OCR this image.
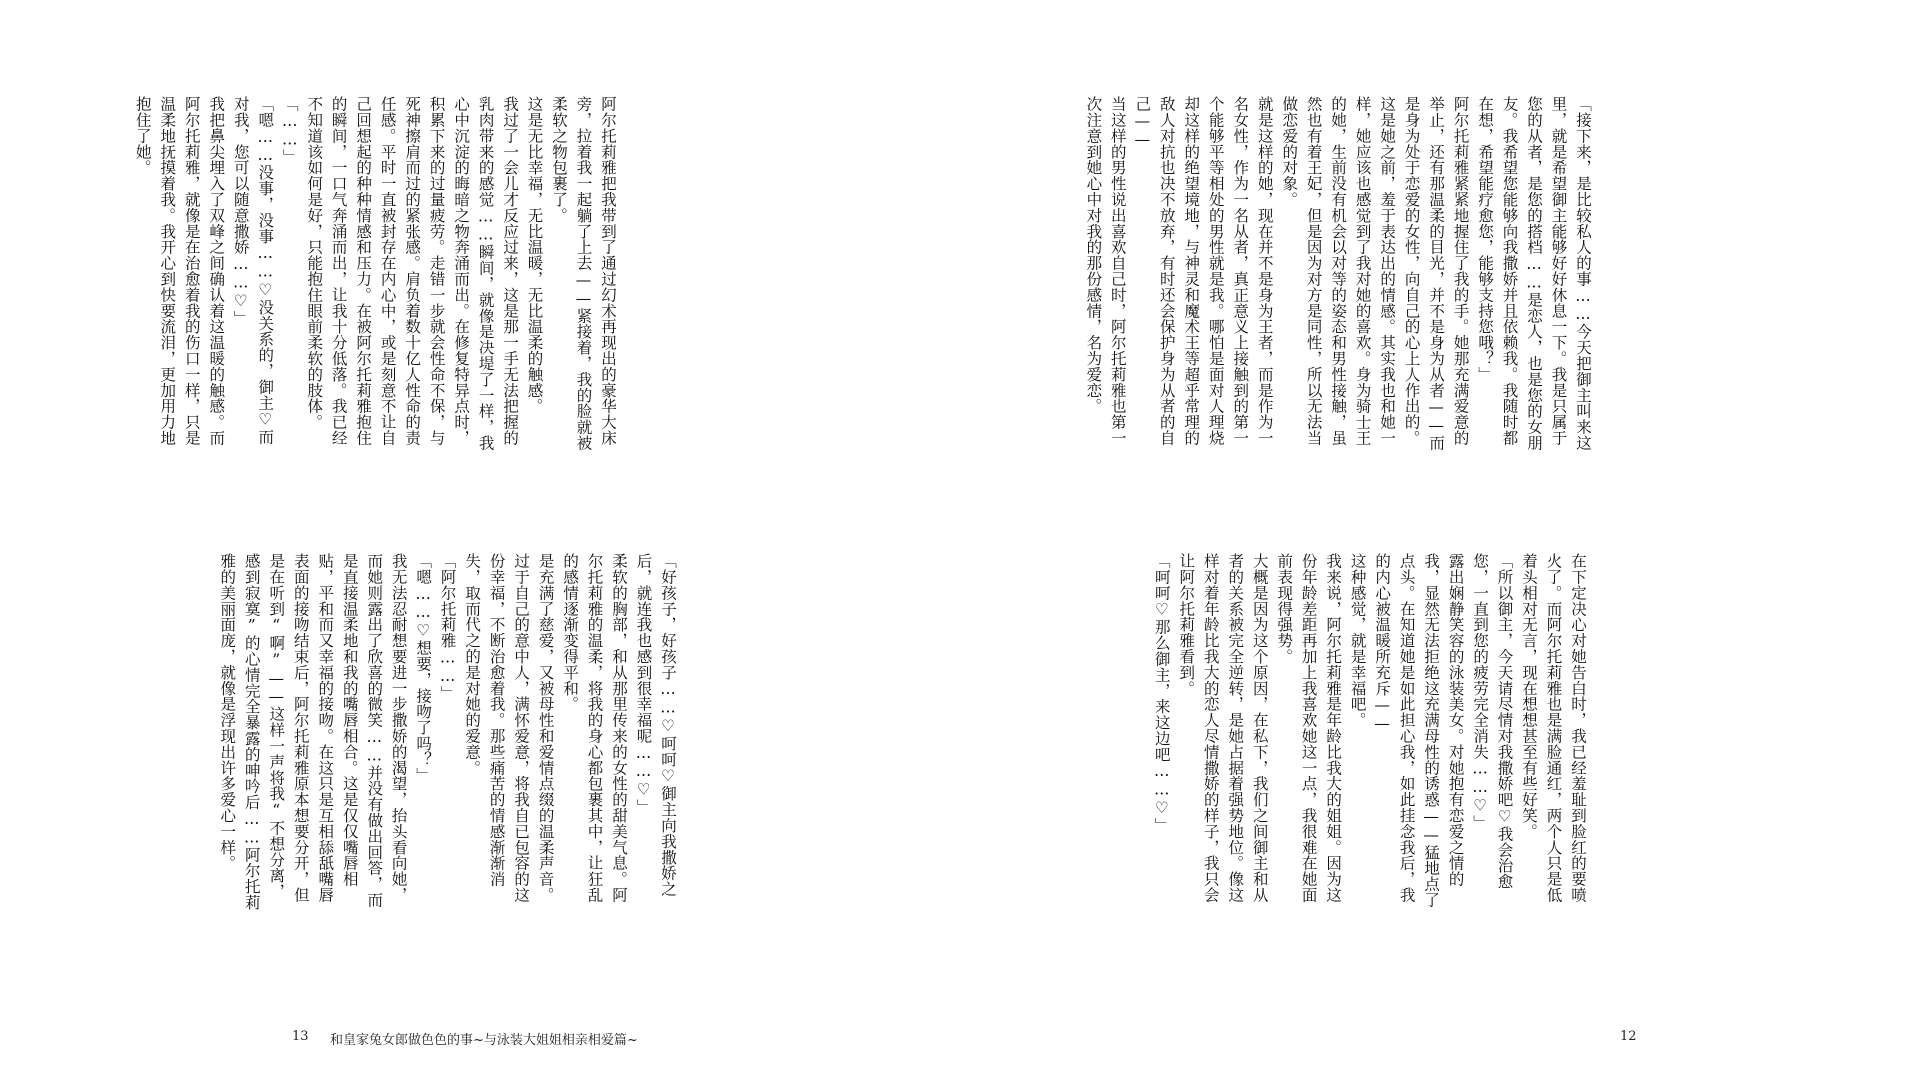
阿尔托莉雅把我带到了通过幻术再现出的豪华大床旁，拉着我一起躺了上去——紧接着，我的脸就被柔软之物包裹了。

这是无比幸福，无比温暖，无比温柔的触感。

我过了一会儿才反应过来，这是那一手无法把握的乳肉带来的感觉……瞬间，就像是决堤了一样，我心中沉淀的晦暗之物奔涌而出。在修复特异点时，积累下来的过量疲劳。走错一步就会性命不保，与死神擦肩而过的紧张感。肩负着数十亿人性命的责任感。平时一直被封存在内心中，或是刻意不让自己回想起的种种情感和压力。在被阿尔托莉雅抱住的瞬间，一口气奔涌而出，让我十分低落。我已经不知道该如何是好，只能抱住眼前柔软的肢体。

「……」

「嗯……没事，没事……♡没关系的，御主♡而对我，您可以随意撒娇……♡」

我把鼻尖埋入了双峰之间确认着这温暖的触感。而阿尔托莉雅，就像是在治愈着我的伤口一样，只是温柔地抚摸着我。我开心到快要流泪，更加用力地抱住了她。

「好孩子，好孩子……♡呵呵♡御主向我撒娇之后，就连我也感到很幸福呢……♡」

柔软的胸部，和从那里传来的女性的甜美气息。阿尔托莉雅的温柔，将我的身心都包裹其中，让狂乱的感情逐渐变得平和。

是充满了慈爱，又被母性和爱情点缀的温柔声音。过于自己的意中人，满怀爱意，将我自已包容的这份幸福，不断治愈着我。那些痛苦的情感渐渐消失，取而代之的是对她的爱意。

「阿尔托莉雅……」

「嗯……♡想要，接吻了吗？」

我无法忍耐想要进一步撒娇的渴望，抬头看向她，而她则露出了欣喜的微笑……并没有做出回答，而是直接温柔地和我的嘴唇相合。这是仅仅嘴唇相贴，平和而又幸福的接吻。在这只是互相舔舐嘴唇表面的接吻结束后，阿尔托莉雅原本想要分开，但是在听到“啊”——这样一声将我“不想分离，感到寂寞”的心情完全暴露的呻吟后……阿尔托莉雅的美丽面庞，就像是浮现出许多爱心一样。

13 和皇家兔女郎做色色的事~与泳装大姐姐相亲相爱篇~

「接下来，是比较私人的事……今天把御主叫来这里，就是希望御主能够好好休息一下。我是只属于您的从者，是您的搭档……是恋人，也是您的女朋友。我希望您能够向我撒娇并且依赖我。我随时都在想，希望能疗愈您，能够支持您哦？」

阿尔托莉雅紧紧地握住了我的手。她那充满爱意的举止，还有那温柔的目光，并不是身为从者——而是身为处于恋爱的女性，向自己的心上人作出的。这是她之前，羞于表达出的情感。其实我也和她一样，她应该也感觉到了我对她的喜欢。身为骑士王的她，生前没有机会以对等的姿态和男性接触，虽然也有着王妃，但是因为对方是同性，所以无法当做恋爱的对象。

就是这样的她，现在并不是身为王者，而是作为一名女性，作为一名从者，真正意义上接触到的第一个能够平等相处的男性就是我。哪怕是面对人理烧却这样的绝望境地，与神灵和魔术王等超乎常理的敌人对抗也决不放弃，有时还会保护身为从者的自己——

当这样的男性说出喜欢自己时，阿尔托莉雅也第一次注意到她心中对我的那份感情，名为爱恋。

在下定决心对她告白时，我已经羞耻到脸红的要喷火了。而阿尔托莉雅也是满脸通红，两个人只是低着头相对无言，现在想想甚至有些好笑。

「所以御主，今天请尽情对我撒娇吧♡我会治愈您，一直到您的疲劳完全消失……♡」

露出娴静笑容的泳装美女。对她抱有恋爱之情的我，显然无法拒绝这充满母性的诱惑——猛地点了点头。在知道她是如此担心我，如此挂念我后，我的内心被温暖所充斥——

这种感觉，就是幸福吧。

我来说，阿尔托莉雅是年龄比我大的姐姐。因为这份年龄差距再加上我喜欢她这一点，我很难在她面前表现得强势。

大概是因为这个原因，在私下，我们之间御主和从者的关系被完全逆转，是她占据着强势地位。像这样对着年龄比我大的恋人尽情撒娇的样子，我只会让阿尔托莉雅看到。

「呵呵♡那么御主，来这边吧……♡」

12
